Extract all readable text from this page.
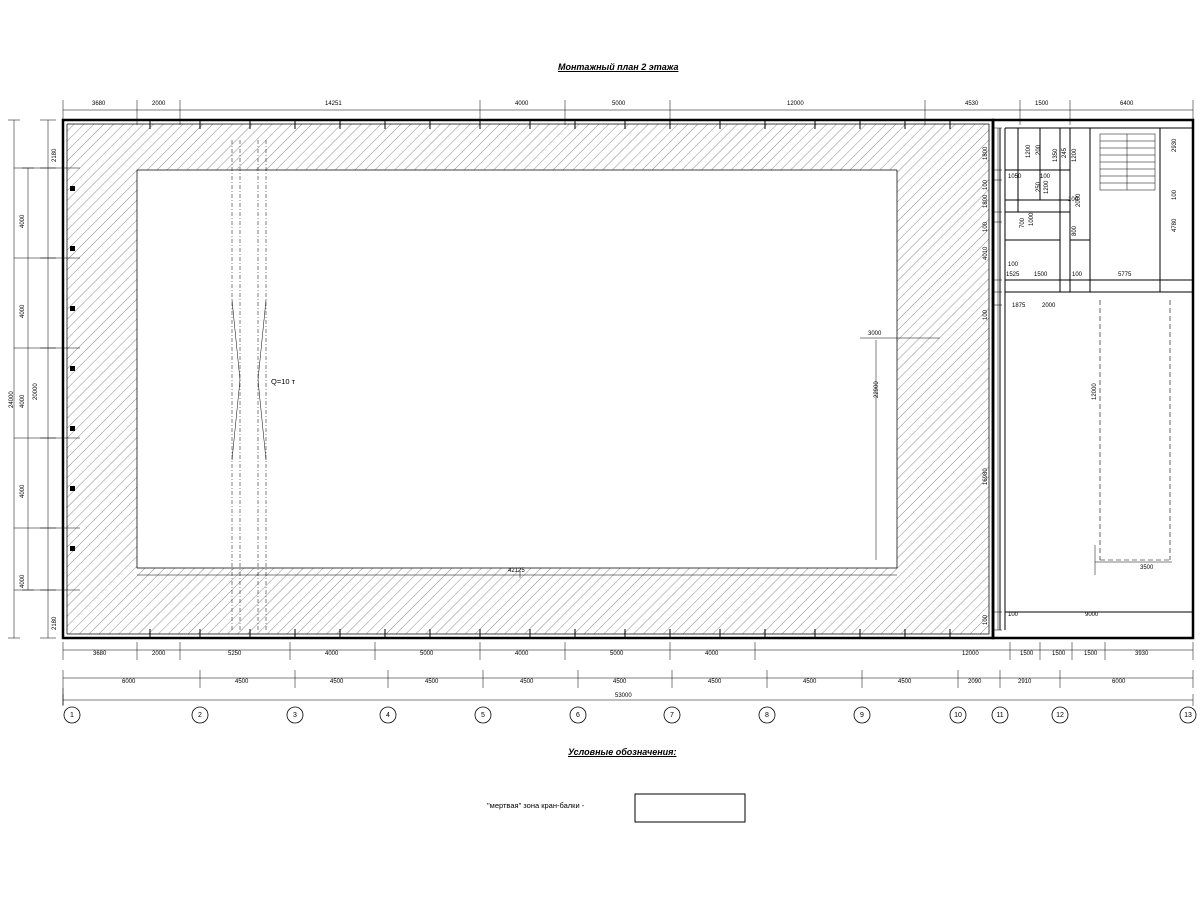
Монтажный план 2 этажа
1	2	3	4	5	6	7	8	9	10	11	12	13
3680	2000	14251	4000	5000	12000	4530	1500	6400
3680	2000	5250	4000	5000	4000	5000	4000	12000	1500	1500	1500	3930
6000	4500	4500	4500	4500	4500	4500	4500	4500	2090	2910	6000
53000
2180
4000
4000
4000
4000
4000
2180
20000
24000
Q=10 т
42125
3000
22900
1800
100
1800
100
4010
100
16980
100
1050	100
1200 200
1200
250
1350 245 1200
2930
100
2000
100
4780
800
700 1000
100
1525 1500	100	5775
1875	2000
12000
3500
9000
100
Условные обозначения:
"мертвая" зона кран-балки -
